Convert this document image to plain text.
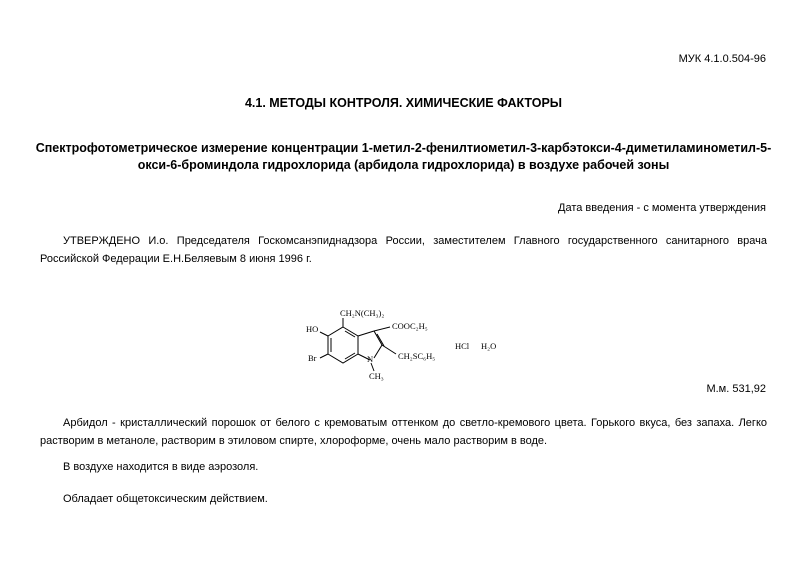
МУК 4.1.0.504-96
4.1. МЕТОДЫ КОНТРОЛЯ. ХИМИЧЕСКИЕ ФАКТОРЫ
Спектрофотометрическое измерение концентрации 1-метил-2-фенилтиометил-3-карбэтокси-4-диметиламинометил-5-окси-6-броминдола гидрохлорида (арбидола гидрохлорида) в воздухе рабочей зоны
Дата введения - с момента утверждения
УТВЕРЖДЕНО И.о. Председателя Госкомсанэпиднадзора России, заместителем Главного государственного санитарного врача Российской Федерации Е.Н.Беляевым 8 июня 1996 г.
CH₂N(CH₃)₂
HO	COOC₂H₅
Br	N	CH₂SC₆H₅
CH₃
HCl H₂O
М.м. 531,92
Арбидол - кристаллический порошок от белого с кремоватым оттенком до светло-кремового цвета. Горького вкуса, без запаха. Легко растворим в метаноле, растворим в этиловом спирте, хлороформе, очень мало растворим в воде.
В воздухе находится в виде аэрозоля.
Обладает общетоксическим действием.
